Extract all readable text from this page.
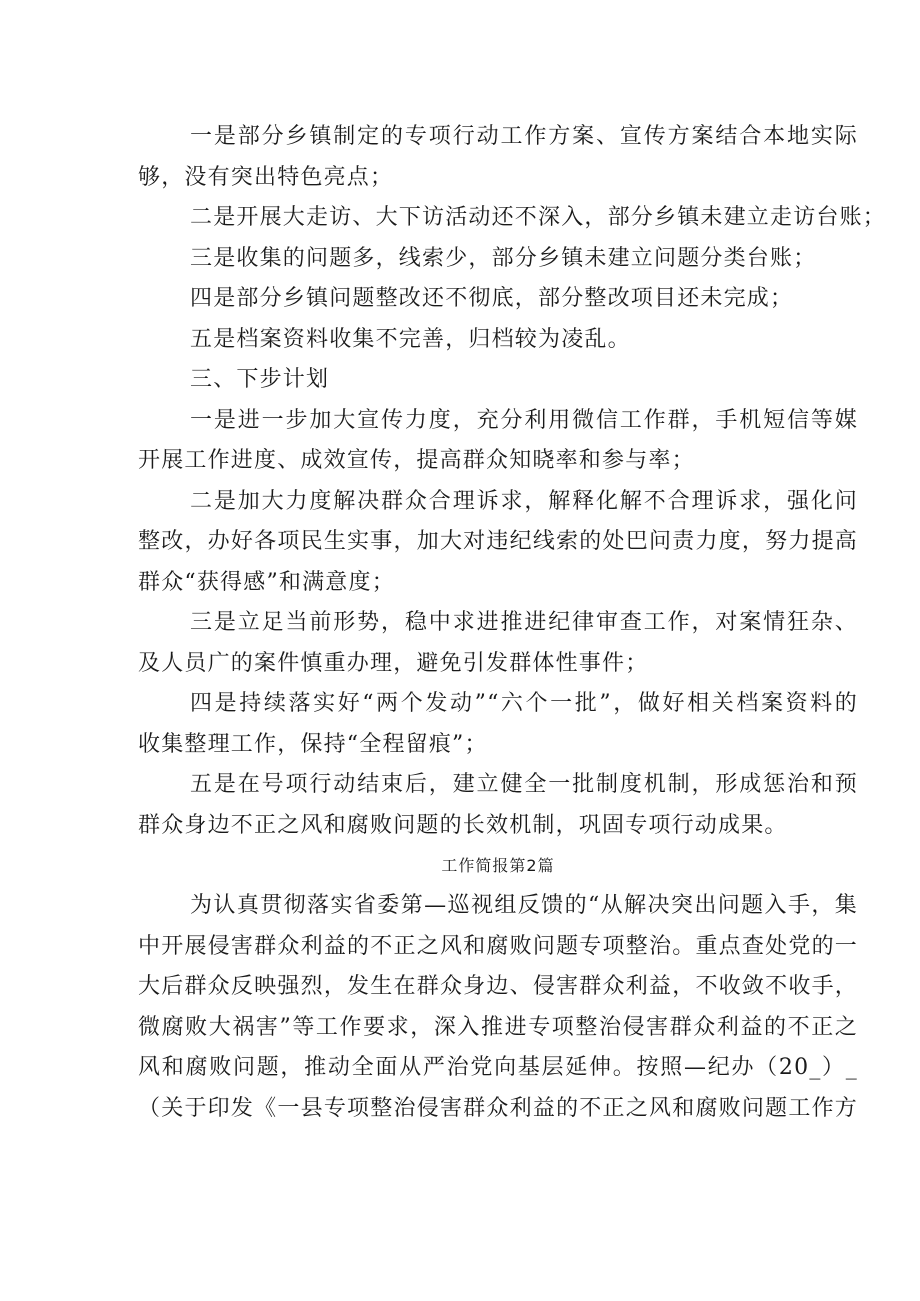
一是部分乡镇制定的专项行动工作方案、宣传方案结合本地实际
够，没有突出特色亮点；
二是开展大走访、大下访活动还不深入，部分乡镇未建立走访台账；
三是收集的问题多，线索少，部分乡镇未建立问题分类台账；
四是部分乡镇问题整改还不彻底，部分整改项目还未完成；
五是档案资料收集不完善，归档较为凌乱。
三、下步计划
一是进一步加大宣传力度，充分利用微信工作群，手机短信等媒
开展工作进度、成效宣传，提高群众知晓率和参与率；
二是加大力度解决群众合理诉求，解释化解不合理诉求，强化问
整改，办好各项民生实事，加大对违纪线索的处巴问责力度，努力提高
群众“获得感”和满意度；
三是立足当前形势，稳中求进推进纪律审查工作，对案情狂杂、
及人员广的案件慎重办理，避免引发群体性事件；
四是持续落实好“两个发动”“六个一批”，做好相关档案资料的
收集整理工作，保持“全程留痕”；
五是在号项行动结束后，建立健全一批制度机制，形成惩治和预
群众身边不正之风和腐败问题的长效机制，巩固专项行动成果。
工作简报第2篇
为认真贯彻落实省委第—巡视组反馈的“从解决突出问题入手，集
中开展侵害群众利益的不正之风和腐败问题专项整治。重点查处党的一
大后群众反映强烈，发生在群众身边、侵害群众利益，不收敛不收手，
微腐败大祸害”等工作要求，深入推进专项整治侵害群众利益的不正之
风和腐败问题，推动全面从严治党向基层延伸。按照—纪办（20_）_
（关于印发《一县专项整治侵害群众利益的不正之风和腐败问题工作方
